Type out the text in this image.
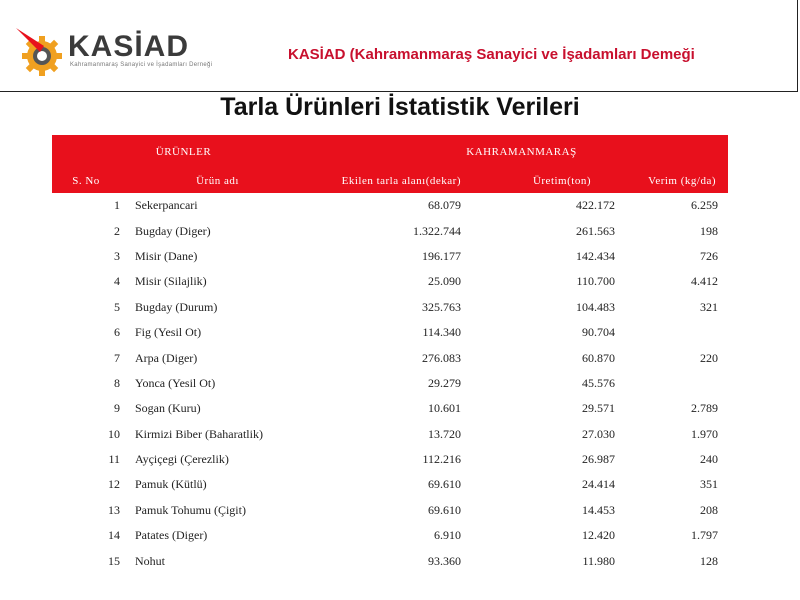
KASİAD
Kahramanmaraş Sanayici ve İşadamları Derneği
KASİAD (Kahramanmaraş Sanayici ve İşadamları Demeği
Tarla Ürünleri İstatistik Verileri
ÜRÜNLER	KAHRAMANMARAŞ
S. No	Ürün adı	Ekilen tarla alanı(dekar)	Üretim(ton)	Verim (kg/da)
1 Sekerpancari	68.079	422.172	6.259
2 Bugday (Diger)	1.322.744	261.563	198
3 Misir (Dane)	196.177	142.434	726
4 Misir (Silajlik)	25.090	110.700	4.412
5 Bugday (Durum)	325.763	104.483	321
6 Fig (Yesil Ot)	114.340	90.704
7 Arpa (Diger)	276.083	60.870	220
8 Yonca (Yesil Ot)	29.279	45.576
9 Sogan (Kuru)	10.601	29.571	2.789
10 Kirmizi Biber (Baharatlik)	13.720	27.030	1.970
11 Ayçiçegi (Çerezlik)	112.216	26.987	240
12 Pamuk (Kütlü)	69.610	24.414	351
13 Pamuk Tohumu (Çigit)	69.610	14.453	208
14 Patates (Diger)	6.910	12.420	1.797
15 Nohut	93.360	11.980	128
